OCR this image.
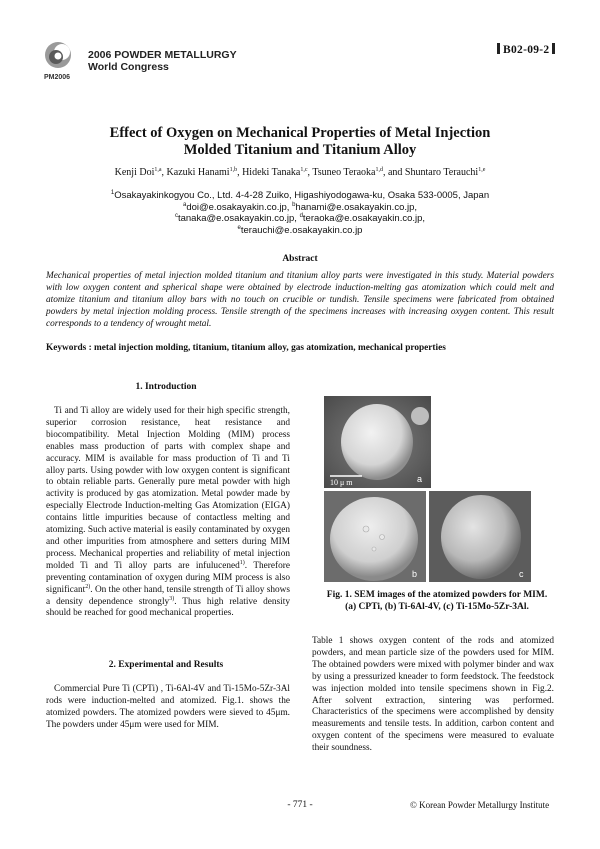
PM2006
2006 POWDER METALLURGY
World Congress
B02-09-2
Effect of Oxygen on Mechanical Properties of Metal Injection
Molded Titanium and Titanium Alloy
Kenji Doi$^{1,a}$, Kazuki Hanami$^{1,b}$, Hideki Tanaka$^{1,c}$, Tsuneo Teraoka$^{1,d}$, and Shuntaro Terauchi$^{1,e}$
$^1$Osakayakinkogyou Co., Ltd. 4-4-28 Zuiko, Higashiyodogawa-ku, Osaka 533-0005, Japan
$^a$doi@e.osakayakin.co.jp, $^b$hanami@e.osakayakin.co.jp,
$^c$tanaka@e.osakayakin.co.jp, $^d$teraoka@e.osakayakin.co.jp,
$^e$terauchi@e.osakayakin.co.jp
Abstract
Mechanical properties of metal injection molded titanium and titanium alloy parts were investigated in this study. Material powders with low oxygen content and spherical shape were obtained by electrode induction-melting gas atomization which could melt and atomize titanium and titanium alloy bars with no touch on crucible or tundish. Tensile specimens were fabricated from obtained powders by metal injection molding process. Tensile strength of the specimens increases with increasing oxygen content. This result corresponds to a tendency of wrought metal.
Keywords : metal injection molding, titanium, titanium alloy, gas atomization, mechanical properties
1. Introduction
Ti and Ti alloy are widely used for their high specific strength, superior corrosion resistance, heat resistance and biocompatibility. Metal Injection Molding (MIM) process enables mass production of parts with complex shape and accuracy. MIM is available for mass production of Ti and Ti alloy parts. Using powder with low oxygen content is significant to obtain reliable parts. Generally pure metal powder with high activity is produced by gas atomization. Metal powder made by especially Electrode Induction-melting Gas Atomization (EIGA) contains little impurities because of contactless melting and atomizing. Such active material is easily contaminated by oxygen and other impurities from atmosphere and setters during MIM process. Mechanical properties and reliability of metal injection molded Ti and Ti alloy parts are infulucened$^{1)}$. Therefore preventing contamination of oxygen during MIM process is also significant$^{2)}$. On the other hand, tensile strength of Ti alloy shows a density dependence strongly$^{3)}$. Thus high relative density should be reached for good mechanical properties.
2. Experimental and Results
Commercial Pure Ti (CPTi) , Ti-6Al-4V and Ti-15Mo-5Zr-3Al rods were induction-melted and atomized. Fig.1. shows the atomized powders. The atomized powders were sieved to 45μm. The powders under 45μm were used for MIM.
10 μ m	a
b	c
Fig. 1. SEM images of the atomized powders for MIM.
(a) CPTi, (b) Ti-6Al-4V, (c) Ti-15Mo-5Zr-3Al.
Table 1 shows oxygen content of the rods and atomized powders, and mean particle size of the powders used for MIM. The obtained powders were mixed with polymer binder and wax by using a pressurized kneader to form feedstock. The feedstock was injection molded into tensile specimens shown in Fig.2. After solvent extraction, sintering was performed. Characteristics of the specimens were accomplished by density measurements and tensile tests. In addition, carbon content and oxygen content of the specimens were measured to evaluate their soundness.
- 771 -	© Korean Powder Metallurgy Institute
